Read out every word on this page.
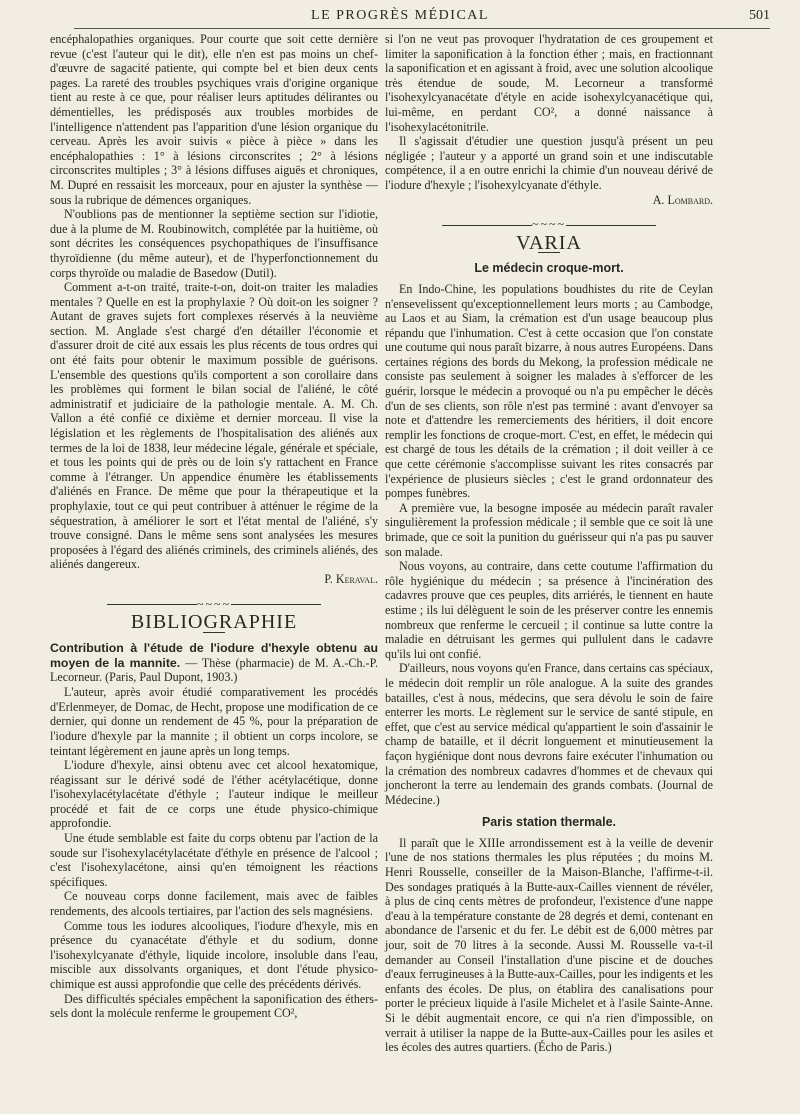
LE PROGRÈS MÉDICAL	501

encéphalopathies organiques. Pour courte que soit cette dernière revue (c'est l'auteur qui le dit), elle n'en est pas moins un chef-d'œuvre de sagacité patiente, qui compte bel et bien deux cents pages. La rareté des troubles psychiques vrais d'origine organique tient au reste à ce que, pour réaliser leurs aptitudes délirantes ou démentielles, les prédisposés aux troubles morbides de l'intelligence n'attendent pas l'apparition d'une lésion organique du cerveau. Après les avoir suivis « pièce à pièce » dans les encéphalopathies : 1° à lésions circonscrites ; 2° à lésions circonscrites multiples ; 3° à lésions diffuses aiguës et chroniques, M. Dupré en ressaisit les morceaux, pour en ajuster la synthèse — sous la rubrique de démences organiques.

N'oublions pas de mentionner la septième section sur l'idiotie, due à la plume de M. Roubinowitch, complétée par la huitième, où sont décrites les conséquences psychopathiques de l'insuffisance thyroïdienne (du même auteur), et de l'hyperfonctionnement du corps thyroïde ou maladie de Basedow (Dutil).

Comment a-t-on traité, traite-t-on, doit-on traiter les maladies mentales ? Quelle en est la prophylaxie ? Où doit-on les soigner ? Autant de graves sujets fort complexes réservés à la neuvième section. M. Anglade s'est chargé d'en détailler l'économie et d'assurer droit de cité aux essais les plus récents de tous ordres qui ont été faits pour obtenir le maximum possible de guérisons. L'ensemble des questions qu'ils comportent a son corollaire dans les problèmes qui forment le bilan social de l'aliéné, le côté administratif et judiciaire de la pathologie mentale. A. M. Ch. Vallon a été confié ce dixième et dernier morceau. Il vise la législation et les règlements de l'hospitalisation des aliénés aux termes de la loi de 1838, leur médecine légale, générale et spéciale, et tous les points qui de près ou de loin s'y rattachent en France comme à l'étranger. Un appendice énumère les établissements d'aliénés en France. De même que pour la thérapeutique et la prophylaxie, tout ce qui peut contribuer à atténuer le régime de la séquestration, à améliorer le sort et l'état mental de l'aliéné, s'y trouve consigné. Dans le même sens sont analysées les mesures proposées à l'égard des aliénés criminels, des criminels aliénés, des aliénés dangereux.

P. Keraval.

~~~~
BIBLIOGRAPHIE

Contribution à l'étude de l'iodure d'hexyle obtenu au moyen de la mannite. — Thèse (pharmacie) de M. A.-Ch.-P. Lecorneur. (Paris, Paul Dupont, 1903.)

L'auteur, après avoir étudié comparativement les procédés d'Erlenmeyer, de Domac, de Hecht, propose une modification de ce dernier, qui donne un rendement de 45 %, pour la préparation de l'iodure d'hexyle par la mannite ; il obtient un corps incolore, se teintant légèrement en jaune après un long temps.

L'iodure d'hexyle, ainsi obtenu avec cet alcool hexatomique, réagissant sur le dérivé sodé de l'éther acétylacétique, donne l'isohexylacétylacétate d'éthyle ; l'auteur indique le meilleur procédé et fait de ce corps une étude physico-chimique approfondie.

Une étude semblable est faite du corps obtenu par l'action de la soude sur l'isohexylacétylacétate d'éthyle en présence de l'alcool ; c'est l'isohexylacétone, ainsi qu'en témoignent les réactions spécifiques.

Ce nouveau corps donne facilement, mais avec de faibles rendements, des alcools tertiaires, par l'action des sels magnésiens.

Comme tous les iodures alcooliques, l'iodure d'hexyle, mis en présence du cyanacétate d'éthyle et du sodium, donne l'isohexylcyanate d'éthyle, liquide incolore, insoluble dans l'eau, miscible aux dissolvants organiques, et dont l'étude physico-chimique est aussi approfondie que celle des précédents dérivés.

Des difficultés spéciales empêchent la saponification des éthers-sels dont la molécule renferme le groupement CO²,

si l'on ne veut pas provoquer l'hydratation de ces groupement et limiter la saponification à la fonction éther ; mais, en fractionnant la saponification et en agissant à froid, avec une solution alcoolique très étendue de soude, M. Lecorneur a transformé l'isohexylcyanacétate d'étyle en acide isohexylcyanacétique qui, lui-même, en perdant CO², a donné naissance à l'isohexylacétonitrile.

Il s'agissait d'étudier une question jusqu'à présent un peu négligée ; l'auteur y a apporté un grand soin et une indiscutable compétence, il a en outre enrichi la chimie d'un nouveau dérivé de l'iodure d'hexyle ; l'isohexylcyanate d'éthyle.

A. Lombard.

~~~~
VARIA
Le médecin croque-mort.

En Indo-Chine, les populations boudhistes du rite de Ceylan n'ensevelissent qu'exceptionnellement leurs morts ; au Cambodge, au Laos et au Siam, la crémation est d'un usage beaucoup plus répandu que l'inhumation. C'est à cette occasion que l'on constate une coutume qui nous paraît bizarre, à nous autres Européens. Dans certaines régions des bords du Mekong, la profession médicale ne consiste pas seulement à soigner les malades à s'efforcer de les guérir, lorsque le médecin a provoqué ou n'a pu empêcher le décès d'un de ses clients, son rôle n'est pas terminé : avant d'envoyer sa note et d'attendre les remerciements des héritiers, il doit encore remplir les fonctions de croque-mort. C'est, en effet, le médecin qui est chargé de tous les détails de la crémation ; il doit veiller à ce que cette cérémonie s'accomplisse suivant les rites consacrés par l'expérience de plusieurs siècles ; c'est le grand ordonnateur des pompes funèbres.

A première vue, la besogne imposée au médecin paraît ravaler singulièrement la profession médicale ; il semble que ce soit là une brimade, que ce soit la punition du guérisseur qui n'a pas pu sauver son malade.

Nous voyons, au contraire, dans cette coutume l'affirmation du rôle hygiénique du médecin ; sa présence à l'incinération des cadavres prouve que ces peuples, dits arriérés, le tiennent en haute estime ; ils lui délèguent le soin de les préserver contre les ennemis nombreux que renferme le cercueil ; il continue sa lutte contre la maladie en détruisant les germes qui pullulent dans le cadavre qu'ils lui ont confié.

D'ailleurs, nous voyons qu'en France, dans certains cas spéciaux, le médecin doit remplir un rôle analogue. A la suite des grandes batailles, c'est à nous, médecins, que sera dévolu le soin de faire enterrer les morts. Le règlement sur le service de santé stipule, en effet, que c'est au service médical qu'appartient le soin d'assainir le champ de bataille, et il décrit longuement et minutieusement la façon hygiénique dont nous devrons faire exécuter l'inhumation ou la crémation des nombreux cadavres d'hommes et de chevaux qui joncheront la terre au lendemain des grands combats. (Journal de Médecine.)

Paris station thermale.

Il paraît que le XIIIe arrondissement est à la veille de devenir l'une de nos stations thermales les plus réputées ; du moins M. Henri Rousselle, conseiller de la Maison-Blanche, l'affirme-t-il. Des sondages pratiqués à la Butte-aux-Cailles viennent de révéler, à plus de cinq cents mètres de profondeur, l'existence d'une nappe d'eau à la température constante de 28 degrés et demi, contenant en abondance de l'arsenic et du fer. Le débit est de 6,000 mètres par jour, soit de 70 litres à la seconde. Aussi M. Rousselle va-t-il demander au Conseil l'installation d'une piscine et de douches d'eaux ferrugineuses à la Butte-aux-Cailles, pour les indigents et les enfants des écoles. De plus, on établira des canalisations pour porter le précieux liquide à l'asile Michelet et à l'asile Sainte-Anne. Si le débit augmentait encore, ce qui n'a rien d'impossible, on verrait à utiliser la nappe de la Butte-aux-Cailles pour les asiles et les écoles des autres quartiers. (Écho de Paris.)
